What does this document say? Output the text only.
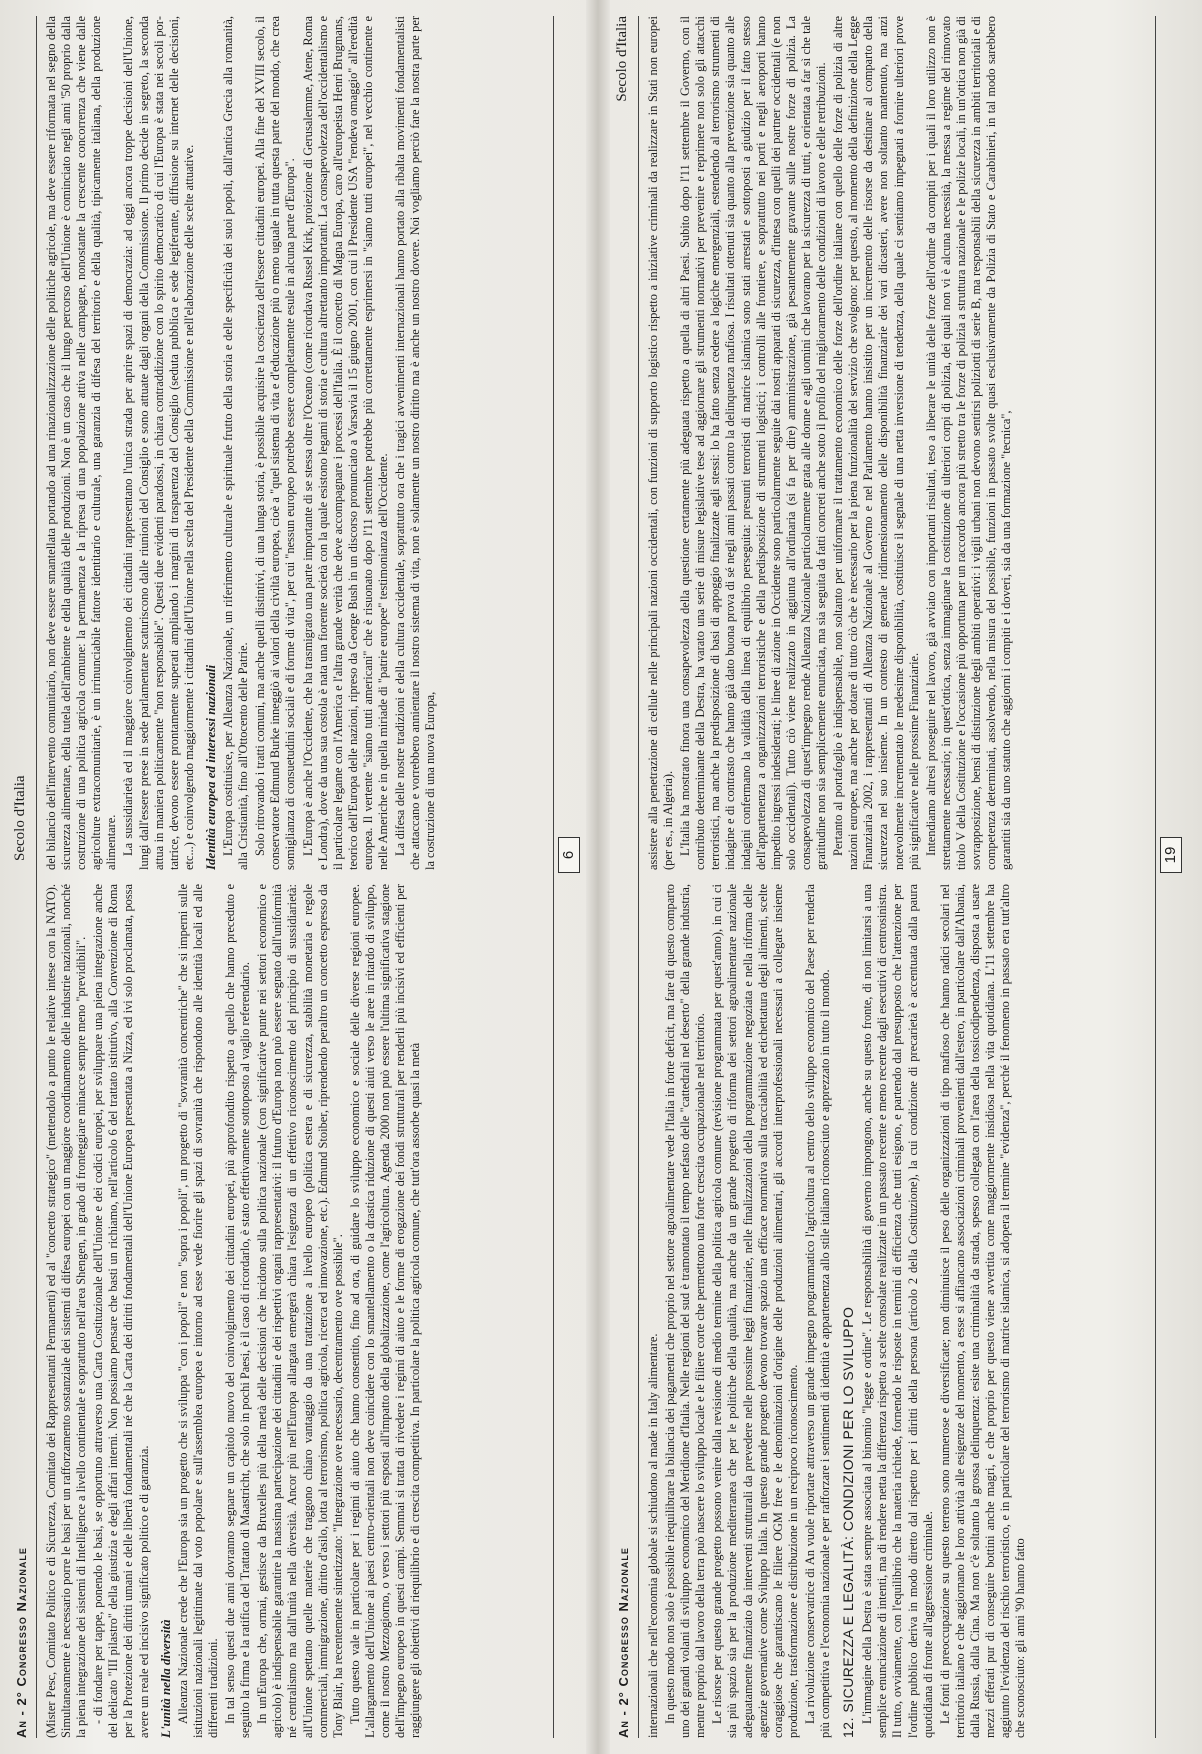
An - 2° Congresso Nazionale
Secolo d'Italia

(Mister Pesc, Comitato Politico e di Sicurezza, Comitato dei Rappresentanti Permanenti) ed al "concetto strategico" (mettendolo a punto le relative intese con la NATO). Simultaneamente è necessario porre le basi per un rafforzamento sostanziale dei sistemi di difesa europei con un maggiore coordinamento delle industrie nazionali, nonché la piena integrazione dei sistemi di Intelligence a livello continentale e soprattutto nell'area Shengen, in grado di fronteggiare minacce sempre meno "previdibili". - di fondare per tappe, ponendo le basi, se opportuno attraverso una Carta Costituzionale dell'Unione e dei codici europei, per sviluppare una piena integrazione anche del delicato "III pilastro" della giustizia e degli affari interni. Non possiamo pensare che basti un richiamo, nell'articolo 6 del trattato istitutivo, alla Convenzione di Roma per la Protezione dei diritti umani e delle libertà fondamentali né che la Carta dei diritti fondamentali dell'Unione Europea presentata a Nizza, ed ivi solo proclamata, possa avere un reale ed incisivo significato politico e di garanzia. L'unità nella diversità Alleanza Nazionale crede che l'Europa sia un progetto che si sviluppa "con i popoli" e non "sopra i popoli", un progetto di "sovranità concentriche" che si imperni sulle istituzioni nazionali legittimate dal voto popolare e sull'assemblea europea e intorno ad esse vede fiorire gli spazi di sovranità che rispondono alle identità locali ed alle differenti tradizioni. In tal senso questi due anni dovranno segnare un capitolo nuovo del coinvolgimento dei cittadini europei, più approfondito rispetto a quello che hanno preceduto e seguito la firma e la ratifica del Trattato di Maastricht, che solo in pochi Paesi, è il caso di ricordarlo, è stato effettivamente sottoposto al vaglio referendario. In un'Europa che, ormai, gestisce da Bruxelles più della metà delle decisioni che incidono sulla politica nazionale (con significative punte nei settori economico e agricolo) è indispensabile garantire la massima partecipazione dei cittadini e dei rispettivi organi rappresentativi: il futuro d'Europa non può essere segnato dall'uniformità né centralismo ma dall'unità nella diversità. Ancor più nell'Europa allargata emergerà chiara l'esigenza di un effettivo riconoscimento del principio di sussidiarietà: all'Unione spettano quelle materie che traggono chiaro vantaggio da una trattazione a livello europeo (politica estera e di sicurezza, stabilità monetaria e regole commerciali, immigrazione, diritto d'asilo, lotta al terrorismo, politica agricola, ricerca ed innovazione, etc.). Edmund Stoiber, riprendendo peraltro un concetto espresso da Tony Blair, ha recentemente sintetizzato: "Integrazione ove necessario, decentramento ove possibile". Tutto questo vale in particolare per i regimi di aiuto che hanno consentito, fino ad ora, di guidare lo sviluppo economico e sociale delle diverse regioni europee. L'allargamento dell'Unione ai paesi centro-orientali non deve coincidere con lo smantellamento o la drastica riduzione di questi aiuti verso le aree in ritardo di sviluppo, come il nostro Mezzogiorno, o verso i settori più esposti all'impatto della globalizzazione, come l'agricoltura. Agenda 2000 non può essere l'ultima significativa stagione dell'impegno europeo in questi campi. Semmai si tratta di rivedere i regimi di aiuto e le forme di erogazione dei fondi strutturali per renderli più incisivi ed efficienti per raggiungere gli obiettivi di riequilibrio e di crescita competitiva. In particolare la politica agricola comune, che tutt'ora assorbe quasi la metà

del bilancio dell'intervento comunitario, non deve essere smantellata portando ad una rinazionalizzazione delle politiche agricole, ma deve essere riformata nel segno della sicurezza alimentare, della tutela dell'ambiente e della qualità delle produzioni. Non è un caso che il lungo percorso dell'Unione è cominciato negli anni '50 proprio dalla costruzione di una politica agricola comune: la permanenza e la ripresa di una popolazione attiva nelle campagne, nonostante la crescente concorrenza che viene dalle agricolture extracomunitarie, è un irrinunciabile fattore identitario e culturale, una garanzia di difesa del territorio e della qualità, tipicamente italiana, della produzione alimentare. La sussidiarietà ed il maggiore coinvolgimento dei cittadini rappresentano l'unica strada per aprire spazi di democrazia: ad oggi ancora troppe decisioni dell'Unione, lungi dall'essere prese in sede parlamentare scaturiscono dalle riunioni del Consiglio e sono attuate dagli organi della Commissione. Il primo decide in segreto, la seconda attua in maniera politicamente "non responsabile". Questi due evidenti paradossi, in chiara contraddizione con lo spirito democratico di cui l'Europa è stata nei secoli portatrice, devono essere prontamente superati ampliando i margini di trasparenza del Consiglio (seduta pubblica e sede legiferante, diffusione su internet delle decisioni, etc...) e coinvolgendo maggiormente i cittadini dell'Unione nella scelta del Presidente della Commissione e nell'elaborazione delle scelte attuative. Identità europea ed interessi nazionali L'Europa costituisce, per Alleanza Nazionale, un riferimento culturale e spirituale frutto della storia e delle specificità dei suoi popoli, dall'antica Grecia alla romanità, alla Cristianità, fino all'Ottocento delle Patrie. Solo ritrovando i tratti comuni, ma anche quelli distintivi, di una lunga storia, è possibile acquisire la coscienza dell'essere cittadini europei. Alla fine del XVIII secolo, il conservatore Edmund Burke inneggiò ai valori della civiltà europea, cioè a "quel sistema di vita e d'educazione più o meno uguale in tutta questa parte del mondo, che crea somiglianza di consuetudini sociali e di forme di vita", per cui "nessun europeo potrebbe essere completamente esule in alcuna parte d'Europa". L'Europa è anche l'Occidente, che ha trasmigrato una parte importante di se stessa oltre l'Oceano (come ricordava Russel Kirk, proiezione di Gerusalemme, Atene, Roma e Londra), dove da una sua costola è nata una fiorente società con la quale esistono legami di storia e cultura altrettanto importanti. La consapevolezza dell'occidentalismo e il particolare legame con l'America e l'altra grande verità che deve accompagnare i processi dell'Italia. È il concetto di Magna Europa, caro all'europeista Henri Brugmans, teorico dell'Europa delle nazioni, ripreso da George Bush in un discorso pronunciato a Varsavia il 15 giugno 2001, con cui il Presidente USA "rendeva omaggio" all'eredità europea. Il vertente "siamo tutti americani" che è risuonato dopo l'11 settembre potrebbe più correttamente esprimersi in "siamo tutti europei", nel vecchio continente e nelle Americhe e in quella miriade di "patrie europee" testimonianza dell'Occidente. La difesa delle nostre tradizioni e della cultura occidentale, soprattutto ora che i tragici avvenimenti internazionali hanno portato alla ribalta movimenti fondamentalisti che attaccano e vorrebbero annientare il nostro sistema di vita, non è solamente un nostro diritto ma è anche un nostro dovere. Noi vogliamo perciò fare la nostra parte per la costruzione di una nuova Europa,	6
An - 2° Congresso Nazionale
Secolo d'Italia

internazionali che nell'economia globale si schiudono al made in Italy alimentare. In questo modo non solo è possibile riequilibrare la bilancia dei pagamenti che proprio nel settore agroalimentare vede l'Italia in forte deficit, ma fare di questo comparto uno dei grandi volani di sviluppo economico del Meridione d'Italia. Nelle regioni del sud è tramontato il tempo nefasto delle "cattedrali nel deserto" della grande industria, mentre proprio dal lavoro della terra può nascere lo sviluppo locale e le filiere corte che permettono una forte crescita occupazionale nel territorio. Le risorse per questo grande progetto possono venire dalla revisione di medio termine della politica agricola comune (revisione programmata per quest'anno), in cui ci sia più spazio sia per la produzione mediterranea che per le politiche della qualità, ma anche da un grande progetto di riforma dei settori agroalimentare nazionale adeguatamente finanziato da interventi strutturali da prevedere nelle prossime leggi finanziarie, nelle finalizzazioni della programmazione negoziata e nella riforma delle agenzie governative come Sviluppo Italia. In questo grande progetto devono trovare spazio una efficace normativa sulla tracciabilità ed etichettatura degli alimenti, scelte coraggiose che garantiscano le filiere OGM free e le denominazioni d'origine delle produzioni alimentari, gli accordi interprofessionali necessari a collegare insieme produzione, trasformazione e distribuzione in un reciproco riconoscimento. La rivoluzione conservatrice di An vuole riportare attraverso un grande impegno programmatico l'agricoltura al centro dello sviluppo economico del Paese per renderla più competitiva e l'economia nazionale e per rafforzare i sentimenti di identità e appartenenza allo stile italiano riconosciuto e apprezzato in tutto il mondo. 12. SICUREZZA E LEGALITÀ: CONDIZIONI PER LO SVILUPPO L'immagine della Destra è stata sempre associata al binomio "legge e ordine". Le responsabilità di governo impongono, anche su questo fronte, di non limitarsi a una semplice enunciazione di intenti, ma di rendere netta la differenza rispetto a scelte consolate realizzate in un passato recente e meno recente dagli esecutivi di centrosinistra. Il tutto, ovviamente, con l'equilibrio che la materia richiede, fornendo le risposte in termini di efficienza che tutti esigono, e partendo dal presupposto che l'attenzione per l'ordine pubblico deriva in modo diretto dal rispetto per i diritti della persona (articolo 2 della Costituzione), la cui condizione di precarietà è accentuata dalla paura quotidiana di fronte all'aggressione criminale. Le fonti di preoccupazione su questo terreno sono numerose e diversificate; non diminuisce il peso delle organizzazioni di tipo mafioso che hanno radici secolari nel territorio italiano e che aggiornano le loro attività alle esigenze del momento, a esse si affiancano associazioni criminali provenienti dall'estero, in particolare dall'Albania, dalla Russia, dalla Cina. Ma non c'è soltanto la grossa delinquenza: esiste una criminalità da strada, spesso collegata con l'area della tossicodipendenza, disposta a usare mezzi efferati pur di conseguire bottini anche magri, e che proprio per questo viene avvertita come maggiormente insidiosa nella vita quotidiana. L'11 settembre ha aggiunto l'evidenza del rischio terroristico, e in particolare del terrorismo di matrice islamica, si adopera il termine "evidenza", perché il fenomeno in passato era tutt'altro che sconosciuto: gli anni '90 hanno fatto

assistere alla penetrazione di cellule nelle principali nazioni occidentali, con funzioni di supporto logistico rispetto a iniziative criminali da realizzare in Stati non europei (per es., in Algeria). L'Italia ha mostrato finora una consapevolezza della questione certamente più adeguata rispetto a quella di altri Paesi. Subito dopo l'11 settembre il Governo, con il contributo determinante della Destra, ha varato una serie di misure legislative tese ad aggiornare gli strumenti normativi per prevenire e reprimere non solo gli attacchi terroristici, ma anche la predisposizione di basi di appoggio finalizzate agli stessi: lo ha fatto senza cedere a logiche emergenziali, estendendo al terrorismo strumenti di indagine e di contrasto che hanno già dato buona prova di sé negli anni passati contro la delinquenza mafiosa. I risultati ottenuti sia quanto alla prevenzione sia quanto alle indagini confermano la validità della linea di equilibrio perseguita: presunti terroristi di matrice islamica sono stati arrestati e sottoposti a giudizio per il fatto stesso dell'appartenenza a organizzazioni terroristiche e della predisposizione di strumenti logistici; i controlli alle frontiere, e soprattutto nei porti e negli aeroporti hanno impedito ingressi indesiderati; le linee di azione in Occidente sono particolarmente seguite dai nostri apparati di sicurezza, d'intesa con quelli dei partner occidentali (e non solo occidentali). Tutto ciò viene realizzato in aggiunta all'ordinaria (si fa per dire) amministrazione, già pesantemente gravante sulle nostre forze di polizia. La consapevolezza di quest'impegno rende Alleanza Nazionale particolarmente grata alle donne e agli uomini che lavorano per la sicurezza di tutti, e orientata a far sì che tale gratitudine non sia semplicemente enunciata, ma sia seguita da fatti concreti anche sotto il profilo del miglioramento delle condizioni di lavoro e delle retribuzioni. Pertanto al portafoglio è indispensabile, non soltanto per uniformare il trattamento economico delle forze dell'ordine italiane con quello delle forze di polizia di altre nazioni europee, ma anche per dotare di tutto ciò che è necessario per la piena funzionalità del servizio che svolgono: per questo, al momento della definizione della Legge Finanziaria 2002, i rappresentanti di Alleanza Nazionale al Governo e nel Parlamento hanno insistito per un incremento delle risorse da destinare al comparto della sicurezza nel suo insieme. In un contesto di generale ridimensionamento delle disponibilità finanziarie dei vari dicasteri, avere non soltanto mantenuto, ma anzi notevolmente incrementato le medesime disponibilità, costituisce il segnale di una netta inversione di tendenza, della quale ci sentiamo impegnati a fornire ulteriori prove più significative nelle prossime Finanziarie. Intendiamo altresì proseguire nel lavoro, già avviato con importanti risultati, teso a liberare le unità delle forze dell'ordine da compiti per i quali il loro utilizzo non è strettamente necessario; in quest'ottica, senza immaginare la costituzione di ulteriori corpi di polizia, dei quali non vi è alcuna necessità, la messa a regime del rinnovato titolo V della Costituzione e l'occasione più opportuna per un raccordo ancora più stretto tra le forze di polizia a struttura nazionale e le polizie locali, in un'ottica non già di sovrapposizione, bensì di distinzione degli ambiti operativi: i vigili urbani non devono sentirsi poliziotti di serie B, ma responsabili della sicurezza in ambiti territoriali e di competenza determinati, assolvendo, nella misura del possibile, funzioni in passato svolte quasi esclusivamente da Polizia di Stato e Carabinieri, in tal modo sarebbero garantiti sia da uno statuto che aggiorni i compiti e i doveri, sia da una formazione "tecnica",	19
